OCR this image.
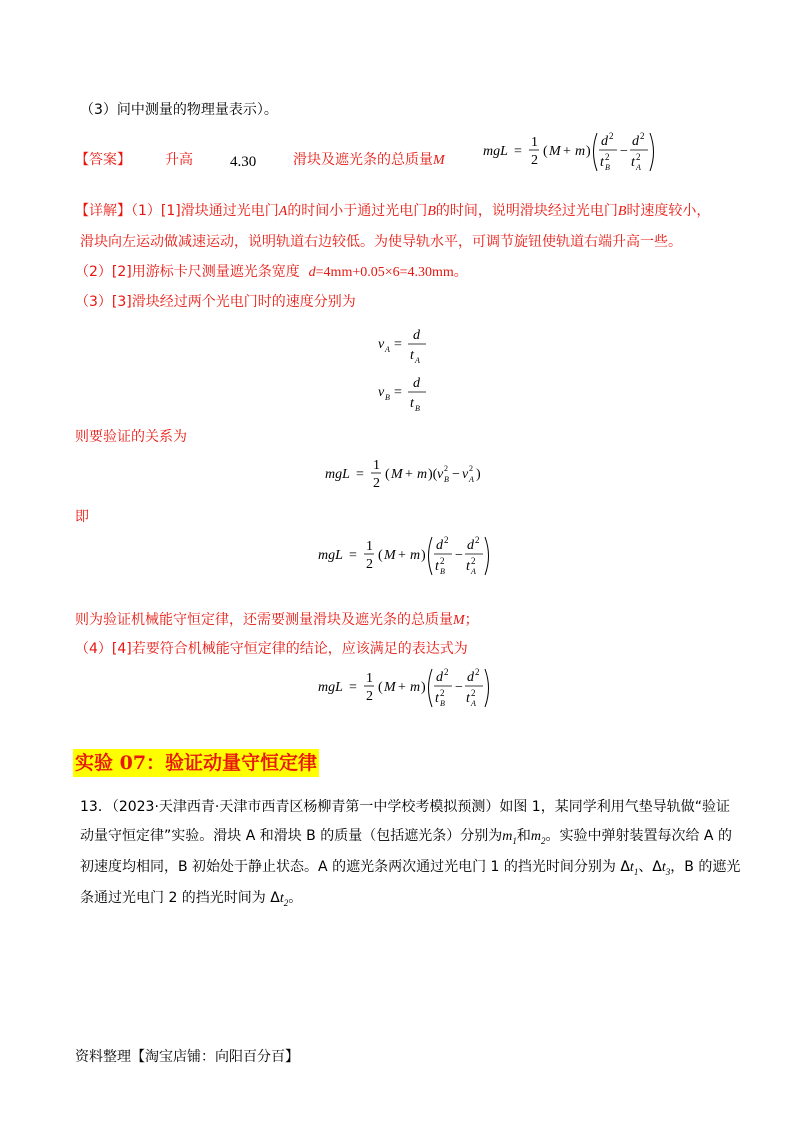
（3）问中测量的物理量表示）。
【答案】 升高 4.30	滑块及遮光条的总质量M
mgL =
1
2
( M + m )
d 2
t 2
B
−
d 2
t 2
A
【详解】（1）[1]滑块通过光电门A的时间小于通过光电门B的时间，说明滑块经过光电门B时速度较小，
滑块向左运动做减速运动，说明轨道右边较低。为使导轨水平，可调节旋钮使轨道右端升高一些。
（2）[2]用游标卡尺测量遮光条宽度 d=4mm+0.05×6=4.30mm。
（3）[3]滑块经过两个光电门时的速度分别为
v A =
d
t A
v B =
d
t B
则要验证的关系为
mgL =
1
2
( M + m )( v 2
B − v 2
A )
即
mgL =
1
2
( M + m )
d 2
t 2
B
−
d 2
t 2
A
则为验证机械能守恒定律，还需要测量滑块及遮光条的总质量M；
（4）[4]若要符合机械能守恒定律的结论，应该满足的表达式为
mgL =
1
2
( M + m )
d 2
t 2
B
−
d 2
t 2
A
实验 07：验证动量守恒定律
13．（2023·天津西青·天津市西青区杨柳青第一中学校考模拟预测）如图 1，某同学利用气垫导轨做“验证
动量守恒定律”实验。滑块 A 和滑块 B 的质量（包括遮光条）分别为$m_1$和$m_2$。实验中弹射装置每次给 A 的
初速度均相同，B 初始处于静止状态。A 的遮光条两次通过光电门 1 的挡光时间分别为 $\Delta t_1$、$\Delta t_3$，B 的遮光
条通过光电门 2 的挡光时间为 $\Delta t_2$。
资料整理【淘宝店铺：向阳百分百】
